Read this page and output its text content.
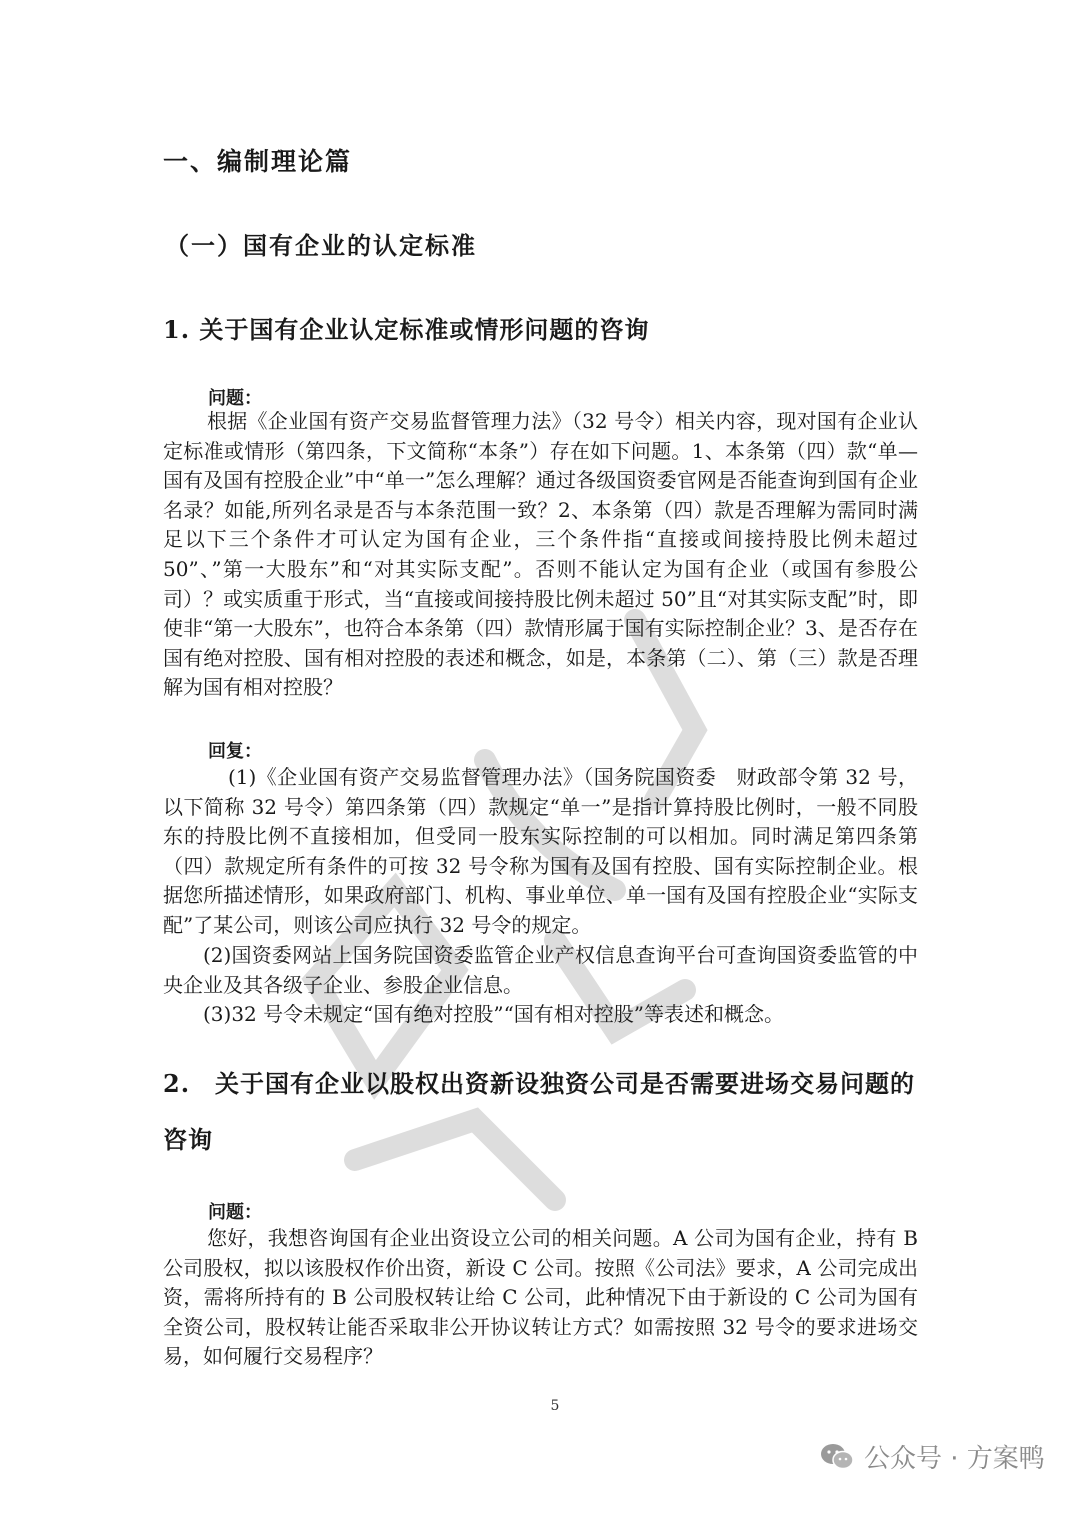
一、编制理论篇
（一）国有企业的认定标准
1. 关于国有企业认定标准或情形问题的咨询
问题：
根据《企业国有资产交易监督管理力法》（32 号令）相关内容，现对国有企业认定标准或情形（第四条，下文简称“本条”）存在如下问题。1、本条第（四）款“单—国有及国有控股企业”中“单一”怎么理解？通过各级国资委官网是否能查询到国有企业名录？如能,所列名录是否与本条范围一致？2、本条第（四）款是否理解为需同时满足以下三个条件才可认定为国有企业，三个条件指“直接或间接持股比例未超过 50”、”第一大股东”和“对其实际支配”。否则不能认定为国有企业（或国有参股公司）？或实质重于形式，当“直接或间接持股比例未超过 50”且“对其实际支配”时，即使非“第一大股东”，也符合本条第（四）款情形属于国有实际控制企业？3、是否存在国有绝对控股、国有相对控股的表述和概念，如是，本条第（二）、第（三）款是否理解为国有相对控股？
回复：
(1)《企业国有资产交易监督管理办法》（国务院国资委　财政部令第 32 号，以下简称 32 号令）第四条第（四）款规定“单一”是指计算持股比例时，一般不同股东的持股比例不直接相加，但受同一股东实际控制的可以相加。同时满足第四条第（四）款规定所有条件的可按 32 号令称为国有及国有控股、国有实际控制企业。根据您所描述情形，如果政府部门、机构、事业单位、单一国有及国有控股企业“实际支配”了某公司，则该公司应执行 32 号令的规定。
(2)国资委网站上国务院国资委监管企业产权信息查询平台可查询国资委监管的中央企业及其各级子企业、参股企业信息。
(3)32 号令未规定“国有绝对控股”“国有相对控股”等表述和概念。
2.　关于国有企业以股权出资新设独资公司是否需要进场交易问题的咨询
问题：
您好，我想咨询国有企业出资设立公司的相关问题。A 公司为国有企业，持有 B 公司股权，拟以该股权作价出资，新设 C 公司。按照《公司法》要求，A 公司完成出资，需将所持有的 B 公司股权转让给 C 公司，此种情况下由于新设的 C 公司为国有全资公司，股权转让能否采取非公开协议转让方式？如需按照 32 号令的要求进场交易，如何履行交易程序？
5
公众号 · 方案鸭
